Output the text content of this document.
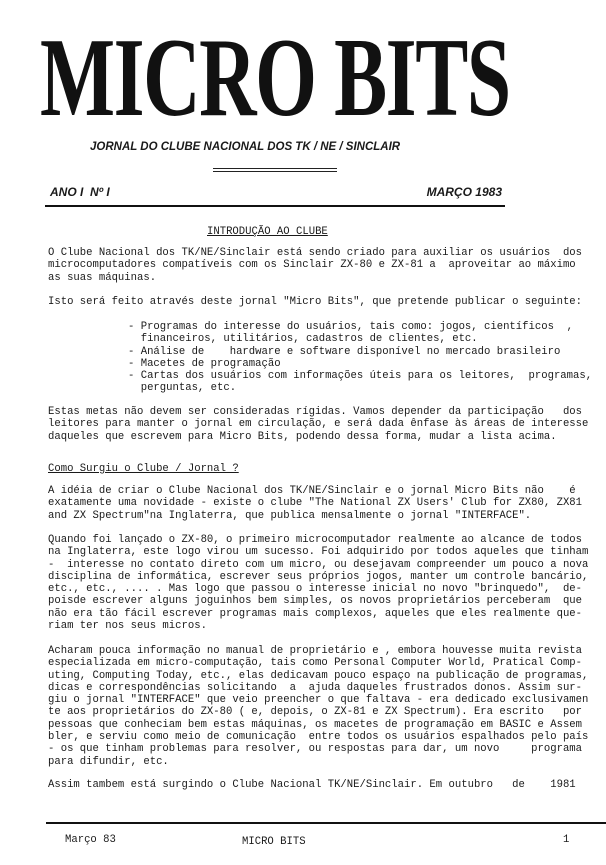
MICRO BITS
JORNAL DO CLUBE NACIONAL DOS TK / NE / SINCLAIR
ANO I  Nº I	MARÇO 1983
INTRODUÇÃO AO CLUBE
O Clube Nacional dos TK/NE/Sinclair está sendo criado para auxiliar os usuários  dos
microcomputadores compatíveis com os Sinclair ZX-80 e ZX-81 a  aproveitar ao máximo
as suas máquinas.
Isto será feito através deste jornal "Micro Bits", que pretende publicar o seguinte:
- Programas do interesse do usuários, tais como: jogos, científicos  ,
financeiros, utilitários, cadastros de clientes, etc.
- Análise de    hardware e software disponível no mercado brasileiro
- Macetes de programação
- Cartas dos usuários com informações úteis para os leitores,  programas,
perguntas, etc.
Estas metas não devem ser consideradas rígidas. Vamos depender da participação   dos
leitores para manter o jornal em circulação, e será dada ênfase às áreas de interesse
daqueles que escrevem para Micro Bits, podendo dessa forma, mudar a lista acima.
Como Surgiu o Clube / Jornal ?
A idéia de criar o Clube Nacional dos TK/NE/Sinclair e o jornal Micro Bits não    é
exatamente uma novidade - existe o clube "The National ZX Users' Club for ZX80, ZX81
and ZX Spectrum"na Inglaterra, que publica mensalmente o jornal "INTERFACE".
Quando foi lançado o ZX-80, o primeiro microcomputador realmente ao alcance de todos
na Inglaterra, este logo virou um sucesso. Foi adquirido por todos aqueles que tinham
-  interesse no contato direto com um micro, ou desejavam compreender um pouco a nova
disciplina de informática, escrever seus próprios jogos, manter um controle bancário,
etc., etc., .... . Mas logo que passou o interesse inicial no novo "brinquedo",  de-
poisde escrever alguns joguinhos bem simples, os novos proprietários perceberam  que
não era tão fácil escrever programas mais complexos, aqueles que eles realmente que-
riam ter nos seus micros.
Acharam pouca informação no manual de proprietário e , embora houvesse muita revista
especializada em micro-computação, tais como Personal Computer World, Pratical Comp-
uting, Computing Today, etc., elas dedicavam pouco espaço na publicação de programas,
dicas e correspondências solicitando  a  ajuda daqueles frustrados donos. Assim sur-
giu o jornal "INTERFACE" que veio preencher o que faltava - era dedicado exclusivamen
te aos proprietários do ZX-80 ( e, depois, o ZX-81 e ZX Spectrum). Era escrito   por
pessoas que conheciam bem estas máquinas, os macetes de programação em BASIC e Assem
bler, e serviu como meio de comunicação  entre todos os usuários espalhados pelo país
- os que tinham problemas para resolver, ou respostas para dar, um novo     programa
para difundir, etc.
Assim tambem está surgindo o Clube Nacional TK/NE/Sinclair. Em outubro   de    1981
Março 83	MICRO BITS	1
